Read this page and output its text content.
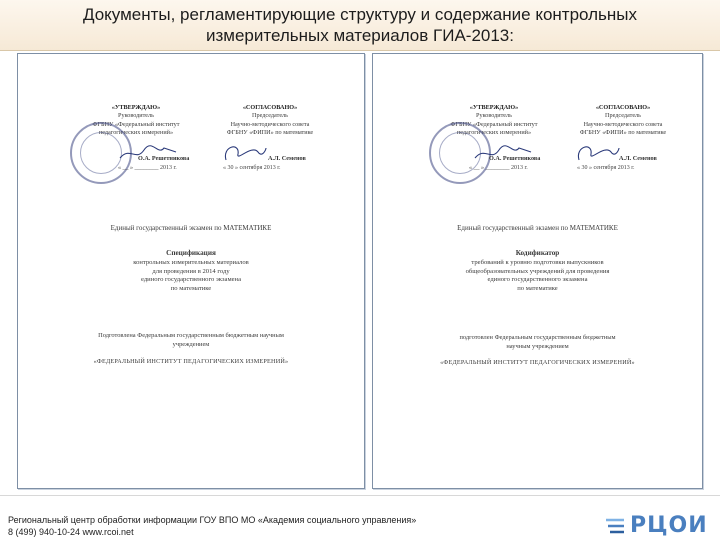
Документы, регламентирующие структуру и содержание контрольных
измерительных материалов ГИА-2013:
«УТВЕРЖДАЮ»
Руководитель
ФГБНУ «Федеральный институт
педагогических измерений»
О.А. Решетникова
« __ » ________ 2013 г.
«СОГЛАСОВАНО»
Председатель
Научно-методического совета
ФГБНУ «ФИПИ» по математике
А.Л. Семенов
« 30 » сентября 2013 г.
Единый государственный экзамен по МАТЕМАТИКЕ
Спецификация
контрольных измерительных материалов
для проведения в 2014 году
единого государственного экзамена
по математике
Подготовлена Федеральным государственным бюджетным научным
учреждением
«ФЕДЕРАЛЬНЫЙ ИНСТИТУТ ПЕДАГОГИЧЕСКИХ ИЗМЕРЕНИЙ»
«УТВЕРЖДАЮ»
Руководитель
ФГБНУ «Федеральный институт
педагогических измерений»
О.А. Решетникова
« __ » ________ 2013 г.
«СОГЛАСОВАНО»
Председатель
Научно-методического совета
ФГБНУ «ФИПИ» по математике
А.Л. Семенов
« 30 » сентября 2013 г.
Единый государственный экзамен по МАТЕМАТИКЕ
Кодификатор
требований к уровню подготовки выпускников
общеобразовательных учреждений для проведения
единого государственного экзамена
по математике
подготовлен Федеральным государственным бюджетным
научным учреждением
«ФЕДЕРАЛЬНЫЙ ИНСТИТУТ ПЕДАГОГИЧЕСКИХ ИЗМЕРЕНИЙ»
Региональный центр обработки информации ГОУ ВПО МО «Академия социального управления»
8 (499) 940-10-24 www.rcoi.net	РЦОИ
